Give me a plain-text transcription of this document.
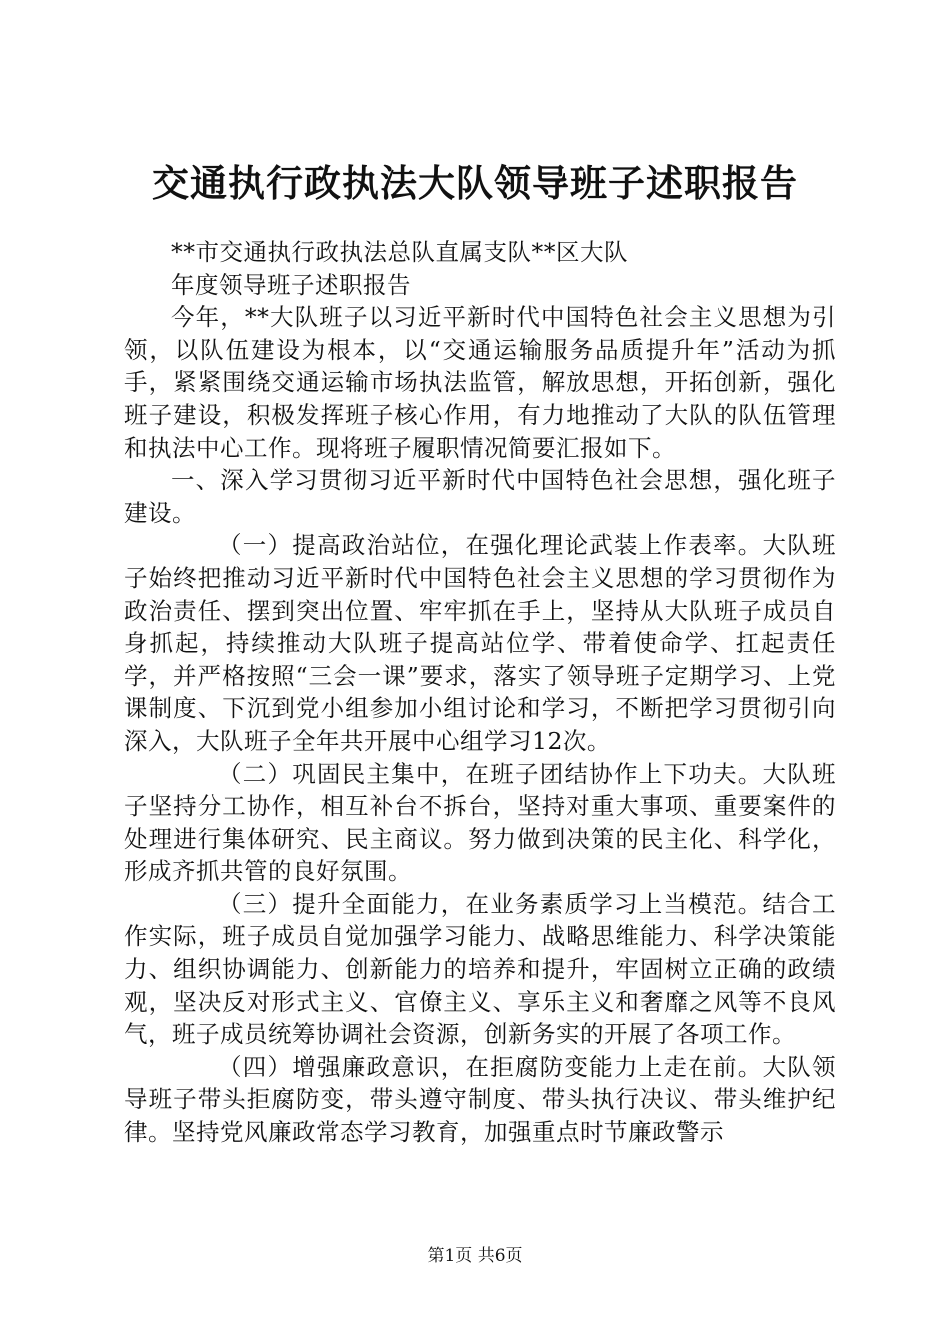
交通执行政执法大队领导班子述职报告

**市交通执行政执法总队直属支队**区大队

年度领导班子述职报告

今年，**大队班子以习近平新时代中国特色社会主义思想为引领，以队伍建设为根本，以“交通运输服务品质提升年”活动为抓手，紧紧围绕交通运输市场执法监管，解放思想，开拓创新，强化班子建设，积极发挥班子核心作用，有力地推动了大队的队伍管理和执法中心工作。现将班子履职情况简要汇报如下。

一、深入学习贯彻习近平新时代中国特色社会思想，强化班子建设。

（一）提高政治站位，在强化理论武装上作表率。大队班子始终把推动习近平新时代中国特色社会主义思想的学习贯彻作为政治责任、摆到突出位置、牢牢抓在手上，坚持从大队班子成员自身抓起，持续推动大队班子提高站位学、带着使命学、扛起责任学，并严格按照“三会一课”要求，落实了领导班子定期学习、上党课制度、下沉到党小组参加小组讨论和学习，不断把学习贯彻引向深入，大队班子全年共开展中心组学习12次。

（二）巩固民主集中，在班子团结协作上下功夫。大队班子坚持分工协作，相互补台不拆台，坚持对重大事项、重要案件的处理进行集体研究、民主商议。努力做到决策的民主化、科学化，形成齐抓共管的良好氛围。

（三）提升全面能力，在业务素质学习上当模范。结合工作实际，班子成员自觉加强学习能力、战略思维能力、科学决策能力、组织协调能力、创新能力的培养和提升，牢固树立正确的政绩观，坚决反对形式主义、官僚主义、享乐主义和奢靡之风等不良风气，班子成员统筹协调社会资源，创新务实的开展了各项工作。

（四）增强廉政意识，在拒腐防变能力上走在前。大队领导班子带头拒腐防变，带头遵守制度、带头执行决议、带头维护纪律。坚持党风廉政常态学习教育，加强重点时节廉政警示

第1页 共6页
